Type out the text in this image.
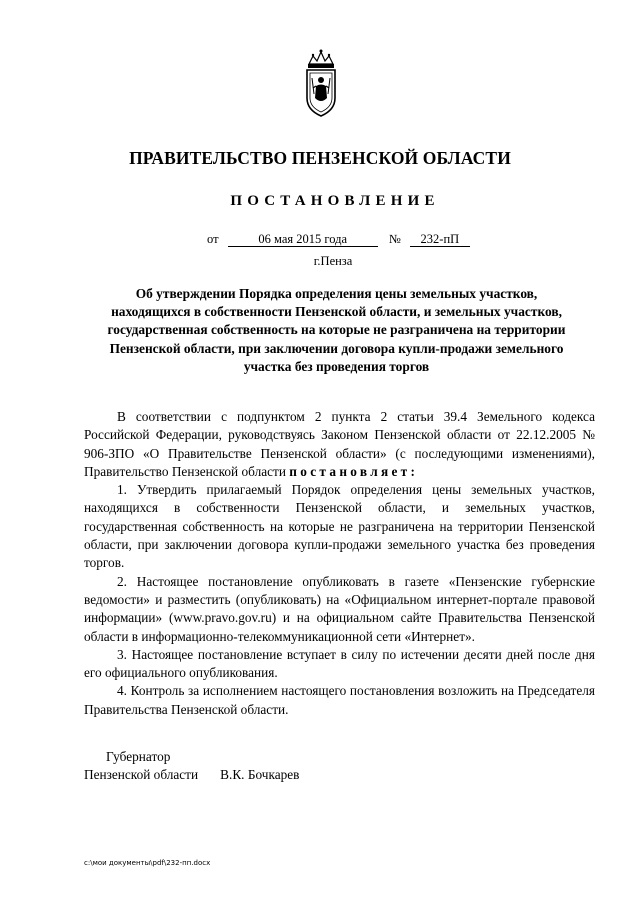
ПРАВИТЕЛЬСТВО ПЕНЗЕНСКОЙ ОБЛАСТИ
ПОСТАНОВЛЕНИЕ
от	06 мая 2015 года	№ 232-пП
г.Пенза

Об утверждении Порядка определения цены земельных участков, находящихся в собственности Пензенской области, и земельных участков, государственная собственность на которые не разграничена на территории Пензенской области, при заключении договора купли-продажи земельного участка без проведения торгов

В соответствии с подпунктом 2 пункта 2 статьи 39.4 Земельного кодекса Российской Федерации, руководствуясь Законом Пензенской области от 22.12.2005 № 906-ЗПО «О Правительстве Пензенской области» (с последующими изменениями), Правительство Пензенской области постановляет:

1. Утвердить прилагаемый Порядок определения цены земельных участков, находящихся в собственности Пензенской области, и земельных участков, государственная собственность на которые не разграничена на территории Пензенской области, при заключении договора купли-продажи земельного участка без проведения торгов.

2. Настоящее постановление опубликовать в газете «Пензенские губернские ведомости» и разместить (опубликовать) на «Официальном интернет-портале правовой информации» (www.pravo.gov.ru) и на официальном сайте Правительства Пензенской области в информационно-телекоммуникационной сети «Интернет».

3. Настоящее постановление вступает в силу по истечении десяти дней после дня его официального опубликования.

4. Контроль за исполнением настоящего постановления возложить на Председателя Правительства Пензенской области.

Губернатор
Пензенской области В.К. Бочкарев
c:\мои документы\pdf\232-пп.docx
